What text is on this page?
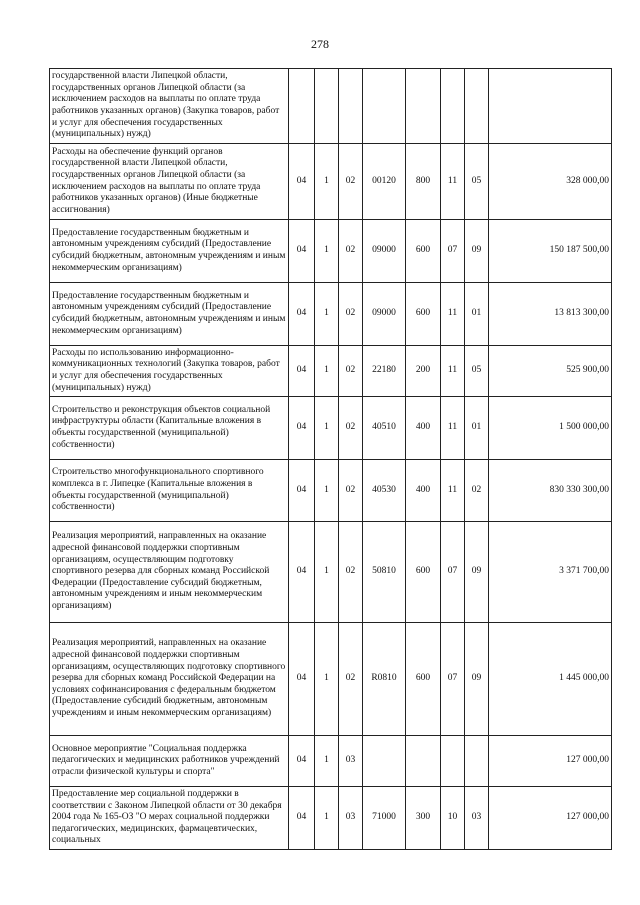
278
государственной власти Липецкой области, государственных органов Липецкой области (за исключением расходов на выплаты по оплате труда работников указанных органов) (Закупка товаров, работ и услуг для обеспечения государственных (муниципальных) нужд)								
Расходы на обеспечение функций органов государственной власти Липецкой области, государственных органов Липецкой области (за исключением расходов на выплаты по оплате труда работников указанных органов) (Иные бюджетные ассигнования)	04	1	02	00120	800	11	05	328 000,00
Предоставление государственным бюджетным и автономным учреждениям субсидий (Предоставление субсидий бюджетным, автономным учреждениям и иным некоммерческим организациям)	04	1	02	09000	600	07	09	150 187 500,00
Предоставление государственным бюджетным и автономным учреждениям субсидий (Предоставление субсидий бюджетным, автономным учреждениям и иным некоммерческим организациям)	04	1	02	09000	600	11	01	13 813 300,00
Расходы по использованию информационно-коммуникационных технологий (Закупка товаров, работ и услуг для обеспечения государственных (муниципальных) нужд)	04	1	02	22180	200	11	05	525 900,00
Строительство и реконструкция объектов социальной инфраструктуры области (Капитальные вложения в объекты государственной (муниципальной) собственности)	04	1	02	40510	400	11	01	1 500 000,00
Строительство многофункционального спортивного комплекса в г. Липецке (Капитальные вложения в объекты государственной (муниципальной) собственности)	04	1	02	40530	400	11	02	830 330 300,00
Реализация мероприятий, направленных на оказание адресной финансовой поддержки спортивным организациям, осуществляющим подготовку спортивного резерва для сборных команд Российской Федерации (Предоставление субсидий бюджетным, автономным учреждениям и иным некоммерческим организациям)	04	1	02	50810	600	07	09	3 371 700,00
Реализация мероприятий, направленных на оказание адресной финансовой поддержки спортивным организациям, осуществляющих подготовку спортивного резерва для сборных команд Российской Федерации на условиях софинансирования с федеральным бюджетом (Предоставление субсидий бюджетным, автономным учреждениям и иным некоммерческим организациям)	04	1	02	R0810	600	07	09	1 445 000,00
Основное мероприятие "Социальная поддержка педагогических и медицинских работников учреждений отрасли физической культуры и спорта"	04	1	03					127 000,00
Предоставление мер социальной поддержки в соответствии с Законом Липецкой области от 30 декабря 2004 года № 165-ОЗ "О мерах социальной поддержки педагогических, медицинских, фармацевтических, социальных	04	1	03	71000	300	10	03	127 000,00
